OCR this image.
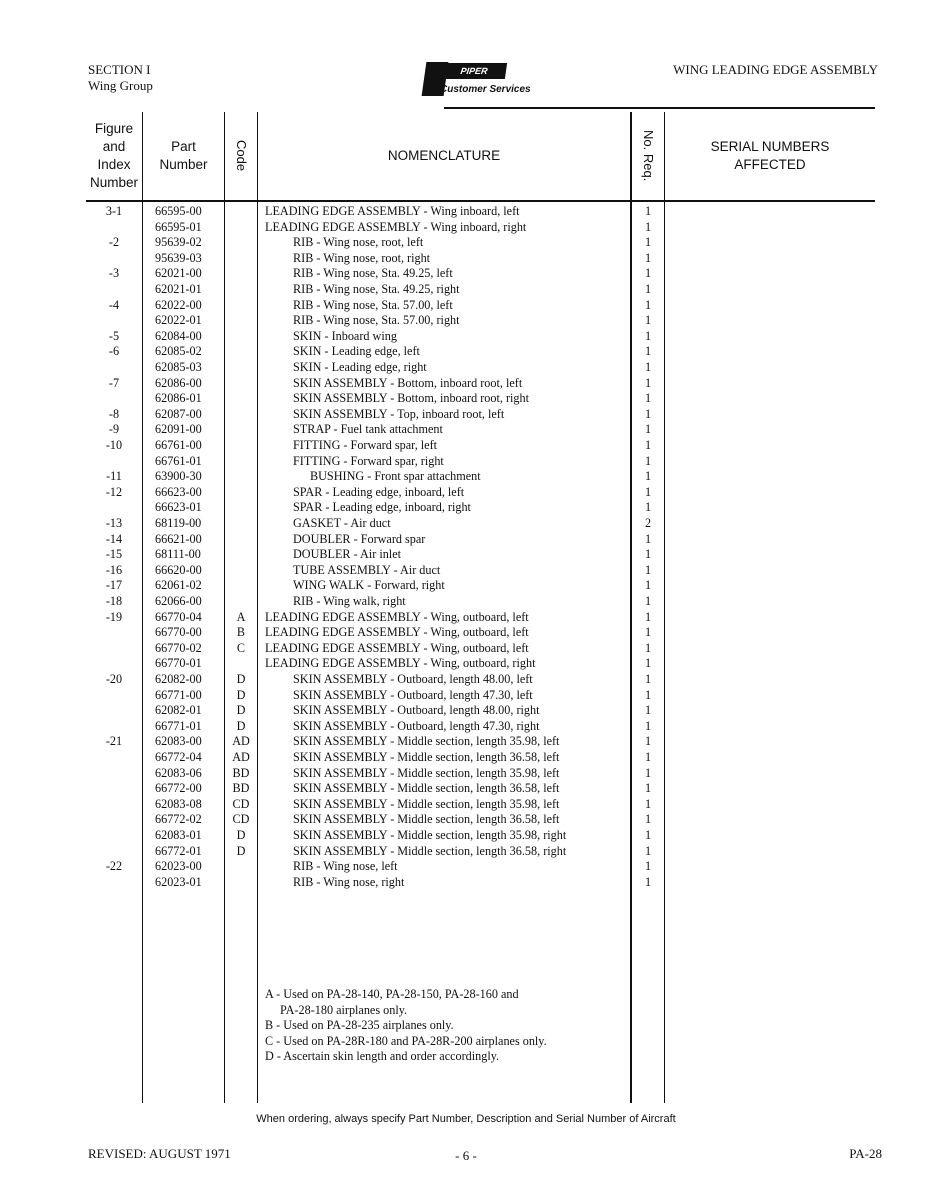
SECTION I
Wing Group
PIPER
Customer Services
WING LEADING EDGE ASSEMBLY
Figure
and
Index
Number
Part
Number	Code	NOMENCLATURE	No. Req.	SERIAL NUMBERS
AFFECTED
3-1	66595-00	LEADING EDGE ASSEMBLY - Wing inboard, left	1
66595-01	LEADING EDGE ASSEMBLY - Wing inboard, right	1
-2	95639-02	RIB - Wing nose, root, left	1
95639-03	RIB - Wing nose, root, right	1
-3	62021-00	RIB - Wing nose, Sta. 49.25, left	1
62021-01	RIB - Wing nose, Sta. 49.25, right	1
-4	62022-00	RIB - Wing nose, Sta. 57.00, left	1
62022-01	RIB - Wing nose, Sta. 57.00, right	1
-5	62084-00	SKIN - Inboard wing	1
-6	62085-02	SKIN - Leading edge, left	1
62085-03	SKIN - Leading edge, right	1
-7	62086-00	SKIN ASSEMBLY - Bottom, inboard root, left	1
62086-01	SKIN ASSEMBLY - Bottom, inboard root, right	1
-8	62087-00	SKIN ASSEMBLY - Top, inboard root, left	1
-9	62091-00	STRAP - Fuel tank attachment	1
-10	66761-00	FITTING - Forward spar, left	1
66761-01	FITTING - Forward spar, right	1
-11	63900-30	BUSHING - Front spar attachment	1
-12	66623-00	SPAR - Leading edge, inboard, left	1
66623-01	SPAR - Leading edge, inboard, right	1
-13	68119-00	GASKET - Air duct	2
-14	66621-00	DOUBLER - Forward spar	1
-15	68111-00	DOUBLER - Air inlet	1
-16	66620-00	TUBE ASSEMBLY - Air duct	1
-17	62061-02	WING WALK - Forward, right	1
-18	62066-00	RIB - Wing walk, right	1
-19	66770-04	A	LEADING EDGE ASSEMBLY - Wing, outboard, left	1
66770-00	B	LEADING EDGE ASSEMBLY - Wing, outboard, left	1
66770-02	C	LEADING EDGE ASSEMBLY - Wing, outboard, left	1
66770-01	LEADING EDGE ASSEMBLY - Wing, outboard, right	1
-20	62082-00	D	SKIN ASSEMBLY - Outboard, length 48.00, left	1
66771-00	D	SKIN ASSEMBLY - Outboard, length 47.30, left	1
62082-01	D	SKIN ASSEMBLY - Outboard, length 48.00, right	1
66771-01	D	SKIN ASSEMBLY - Outboard, length 47.30, right	1
-21	62083-00	AD	SKIN ASSEMBLY - Middle section, length 35.98, left	1
66772-04	AD	SKIN ASSEMBLY - Middle section, length 36.58, left	1
62083-06	BD	SKIN ASSEMBLY - Middle section, length 35.98, left	1
66772-00	BD	SKIN ASSEMBLY - Middle section, length 36.58, left	1
62083-08	CD	SKIN ASSEMBLY - Middle section, length 35.98, left	1
66772-02	CD	SKIN ASSEMBLY - Middle section, length 36.58, left	1
62083-01	D	SKIN ASSEMBLY - Middle section, length 35.98, right	1
66772-01	D	SKIN ASSEMBLY - Middle section, length 36.58, right	1
-22	62023-00	RIB - Wing nose, left	1
62023-01	RIB - Wing nose, right	1
A - Used on PA-28-140, PA-28-150, PA-28-160 and
PA-28-180 airplanes only.
B - Used on PA-28-235 airplanes only.
C - Used on PA-28R-180 and PA-28R-200 airplanes only.
D - Ascertain skin length and order accordingly.
When ordering, always specify Part Number, Description and Serial Number of Aircraft
REVISED: AUGUST 1971	- 6 -	PA-28
